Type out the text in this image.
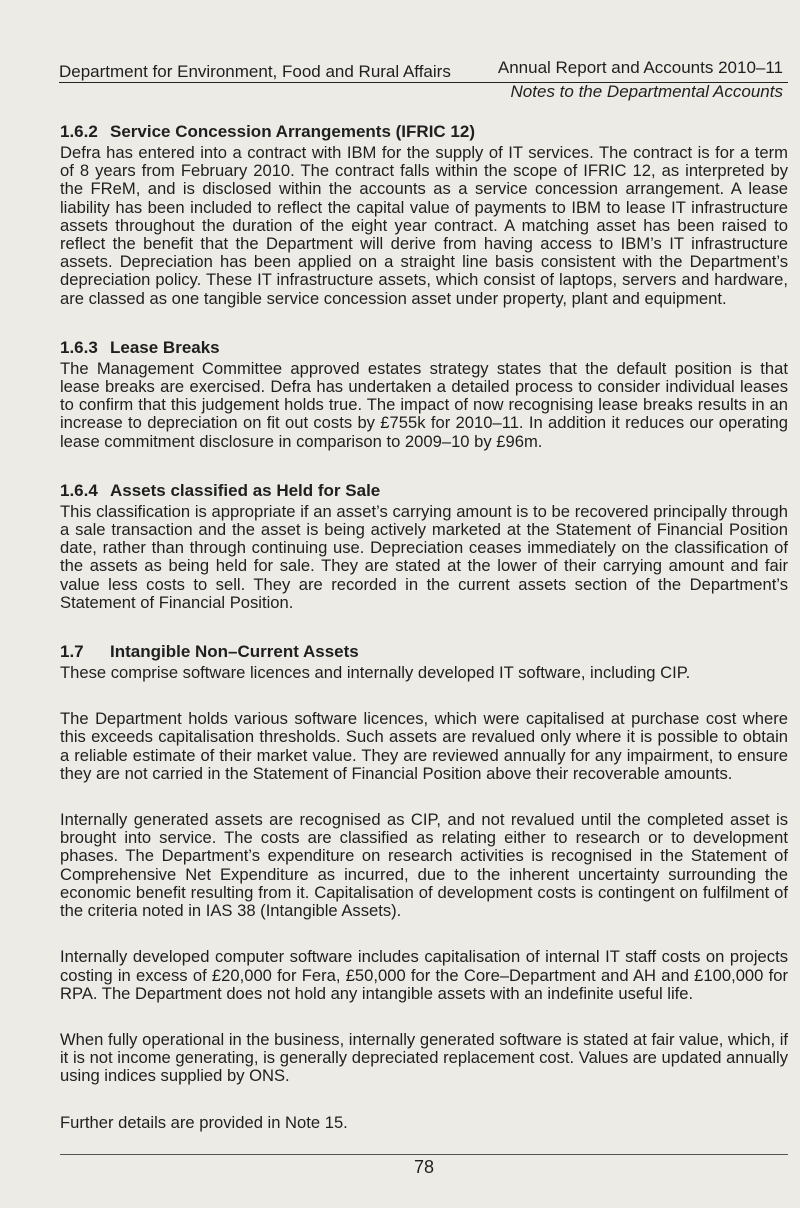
Department for Environment, Food and Rural Affairs	Annual Report and Accounts 2010–11
Notes to the Departmental Accounts
1.6.2 Service Concession Arrangements (IFRIC 12)

Defra has entered into a contract with IBM for the supply of IT services. The contract is for a term of 8 years from February 2010. The contract falls within the scope of IFRIC 12, as interpreted by the FReM, and is disclosed within the accounts as a service concession arrangement. A lease liability has been included to reflect the capital value of payments to IBM to lease IT infrastructure assets throughout the duration of the eight year contract. A matching asset has been raised to reflect the benefit that the Department will derive from having access to IBM’s IT infrastructure assets. Depreciation has been applied on a straight line basis consistent with the Department’s depreciation policy. These IT infrastructure assets, which consist of laptops, servers and hardware, are classed as one tangible service concession asset under property, plant and equipment.

1.6.3 Lease Breaks

The Management Committee approved estates strategy states that the default position is that lease breaks are exercised. Defra has undertaken a detailed process to consider individual leases to confirm that this judgement holds true. The impact of now recognising lease breaks results in an increase to depreciation on fit out costs by £755k for 2010–11. In addition it reduces our operating lease commitment disclosure in comparison to 2009–10 by £96m.

1.6.4 Assets classified as Held for Sale

This classification is appropriate if an asset’s carrying amount is to be recovered principally through a sale transaction and the asset is being actively marketed at the Statement of Financial Position date, rather than through continuing use. Depreciation ceases immediately on the classification of the assets as being held for sale. They are stated at the lower of their carrying amount and fair value less costs to sell. They are recorded in the current assets section of the Department’s Statement of Financial Position.

1.7	Intangible Non–Current Assets

These comprise software licences and internally developed IT software, including CIP.

The Department holds various software licences, which were capitalised at purchase cost where this exceeds capitalisation thresholds. Such assets are revalued only where it is possible to obtain a reliable estimate of their market value. They are reviewed annually for any impairment, to ensure they are not carried in the Statement of Financial Position above their recoverable amounts.

Internally generated assets are recognised as CIP, and not revalued until the completed asset is brought into service. The costs are classified as relating either to research or to development phases. The Department’s expenditure on research activities is recognised in the Statement of Comprehensive Net Expenditure as incurred, due to the inherent uncertainty surrounding the economic benefit resulting from it. Capitalisation of development costs is contingent on fulfilment of the criteria noted in IAS 38 (Intangible Assets).

Internally developed computer software includes capitalisation of internal IT staff costs on projects costing in excess of £20,000 for Fera, £50,000 for the Core–Department and AH and £100,000 for RPA. The Department does not hold any intangible assets with an indefinite useful life.

When fully operational in the business, internally generated software is stated at fair value, which, if it is not income generating, is generally depreciated replacement cost. Values are updated annually using indices supplied by ONS.

Further details are provided in Note 15.

78
